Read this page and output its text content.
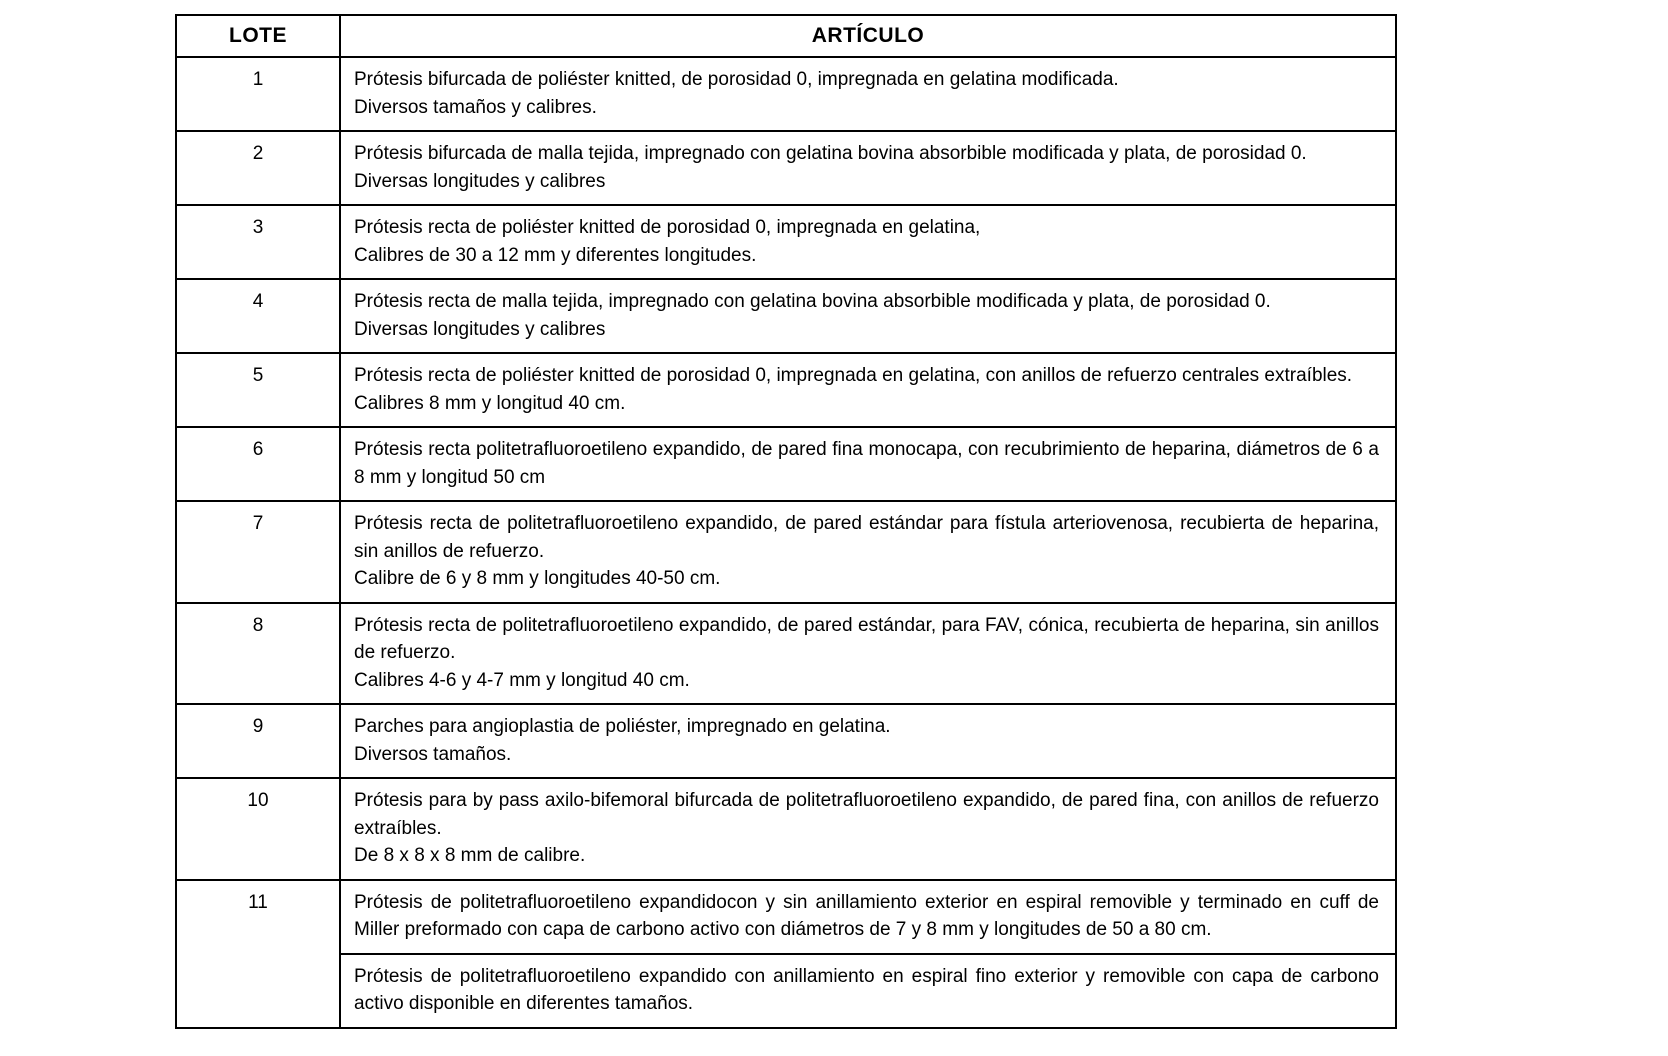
LOTE	ARTÍCULO
1	Prótesis bifurcada de poliéster knitted, de porosidad 0, impregnada en gelatina modificada.
Diversos tamaños y calibres.

2	Prótesis bifurcada de malla tejida, impregnado con gelatina bovina absorbible modificada y plata, de porosidad 0.
Diversas longitudes y calibres

3	Prótesis recta de poliéster knitted de porosidad 0, impregnada en gelatina,
Calibres de 30 a 12 mm y diferentes longitudes.

4	Prótesis recta de malla tejida, impregnado con gelatina bovina absorbible modificada y plata, de porosidad 0.
Diversas longitudes y calibres

5	Prótesis recta de poliéster knitted de porosidad 0, impregnada en gelatina, con anillos de refuerzo centrales extraíbles.
Calibres 8 mm y longitud 40 cm.

6	Prótesis recta politetrafluoroetileno expandido, de pared fina monocapa, con recubrimiento de heparina, diámetros de 6 a 8 mm y longitud 50 cm

7	Prótesis recta de politetrafluoroetileno expandido, de pared estándar para fístula arteriovenosa, recubierta de heparina, sin anillos de refuerzo.
Calibre de 6 y 8 mm y longitudes 40-50 cm.

8	Prótesis recta de politetrafluoroetileno expandido, de pared estándar, para FAV, cónica, recubierta de heparina, sin anillos de refuerzo.
Calibres 4-6 y 4-7 mm y longitud 40 cm.

9	Parches para angioplastia de poliéster, impregnado en gelatina.
Diversos tamaños.

10	Prótesis para by pass axilo-bifemoral bifurcada de politetrafluoroetileno expandido, de pared fina, con anillos de refuerzo extraíbles.
De 8 x 8 x 8 mm de calibre.

11	Prótesis de politetrafluoroetileno expandidocon y sin anillamiento exterior en espiral removible y terminado en cuff de Miller preformado con capa de carbono activo con diámetros de 7 y 8 mm y longitudes de 50 a 80 cm.

	Prótesis de politetrafluoroetileno expandido con anillamiento en espiral fino exterior y removible con capa de carbono activo disponible en diferentes tamaños.
